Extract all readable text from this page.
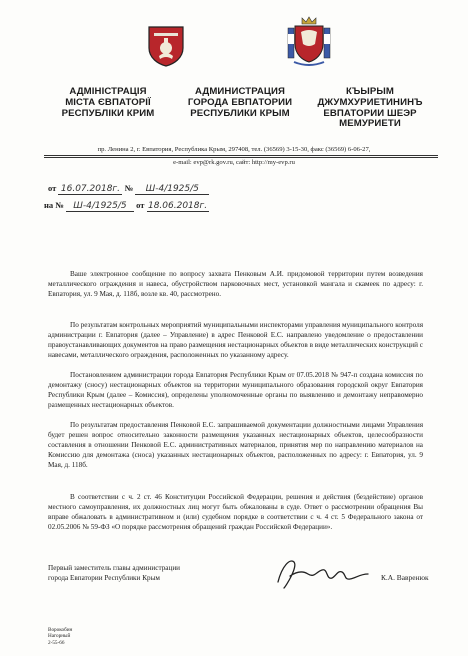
АДМІНІСТРАЦІЯ
МІСТА ЄВПАТОРІЇ
РЕСПУБЛІКИ КРИМ
АДМИНИСТРАЦИЯ
ГОРОДА ЕВПАТОРИИ
РЕСПУБЛИКИ КРЫМ
КЪЫРЫМ
ДЖУМХУРИЕТИНИНЪ
ЕВПАТОРИИ ШЕЭР
МЕМУРИЕТИ
пр. Ленина 2, г. Евпатория, Республика Крым, 297408, тел. (36569) 3-15-30, факс (36569) 6-06-27,
e-mail: evp@rk.gov.ru, сайт: http://my-evp.ru
от 16.07.2018г. № Ш-4/1925/5
на № Ш-4/1925/5 от 18.06.2018г.
Ваше электронное сообщение по вопросу захвата Пенковым А.И. придомовой территории путем возведения металлического ограждения и навеса, обустройством парковочных мест, установкой мангала и скамеек по адресу: г. Евпатория, ул. 9 Мая, д. 118б, возле кв. 40, рассмотрено.
По результатам контрольных мероприятий муниципальными инспекторами управления муниципального контроля администрации г. Евпатория (далее – Управление) в адрес Пенковой Е.С. направлено уведомление о предоставлении правоустанавливающих документов на право размещения нестационарных объектов в виде металлических конструкций с навесами, металлического ограждения, расположенных по указанному адресу.
Постановлением администрации города Евпатория Республики Крым от 07.05.2018 № 947-п создана комиссия по демонтажу (сносу) нестационарных объектов на территории муниципального образования городской округ Евпатория Республики Крым (далее – Комиссия), определены уполномоченные органы по выявлению и демонтажу неправомерно размещенных нестационарных объектов.
По результатам предоставления Пенковой Е.С. запрашиваемой документации должностными лицами Управления будет решен вопрос относительно законности размещения указанных нестационарных объектов, целесообразности составления в отношении Пенковой Е.С. административных материалов, принятия мер по направлению материалов на Комиссию для демонтажа (сноса) указанных нестационарных объектов, расположенных по адресу: г. Евпатория, ул. 9 Мая, д. 118б.
В соответствии с ч. 2 ст. 46 Конституции Российской Федерации, решения и действия (бездействие) органов местного самоуправления, их должностных лиц могут быть обжалованы в суде. Ответ о рассмотрении обращения Вы вправе обжаловать в административном и (или) судебном порядке в соответствии с ч. 4 ст. 5 Федерального закона от 02.05.2006 № 59-ФЗ «О порядке рассмотрения обращений граждан Российской Федерации».
Первый заместитель главы администрации
города Евпатории Республики Крым	К.А. Вавренюк
Ворокобин
Нагорный
2-55-66
